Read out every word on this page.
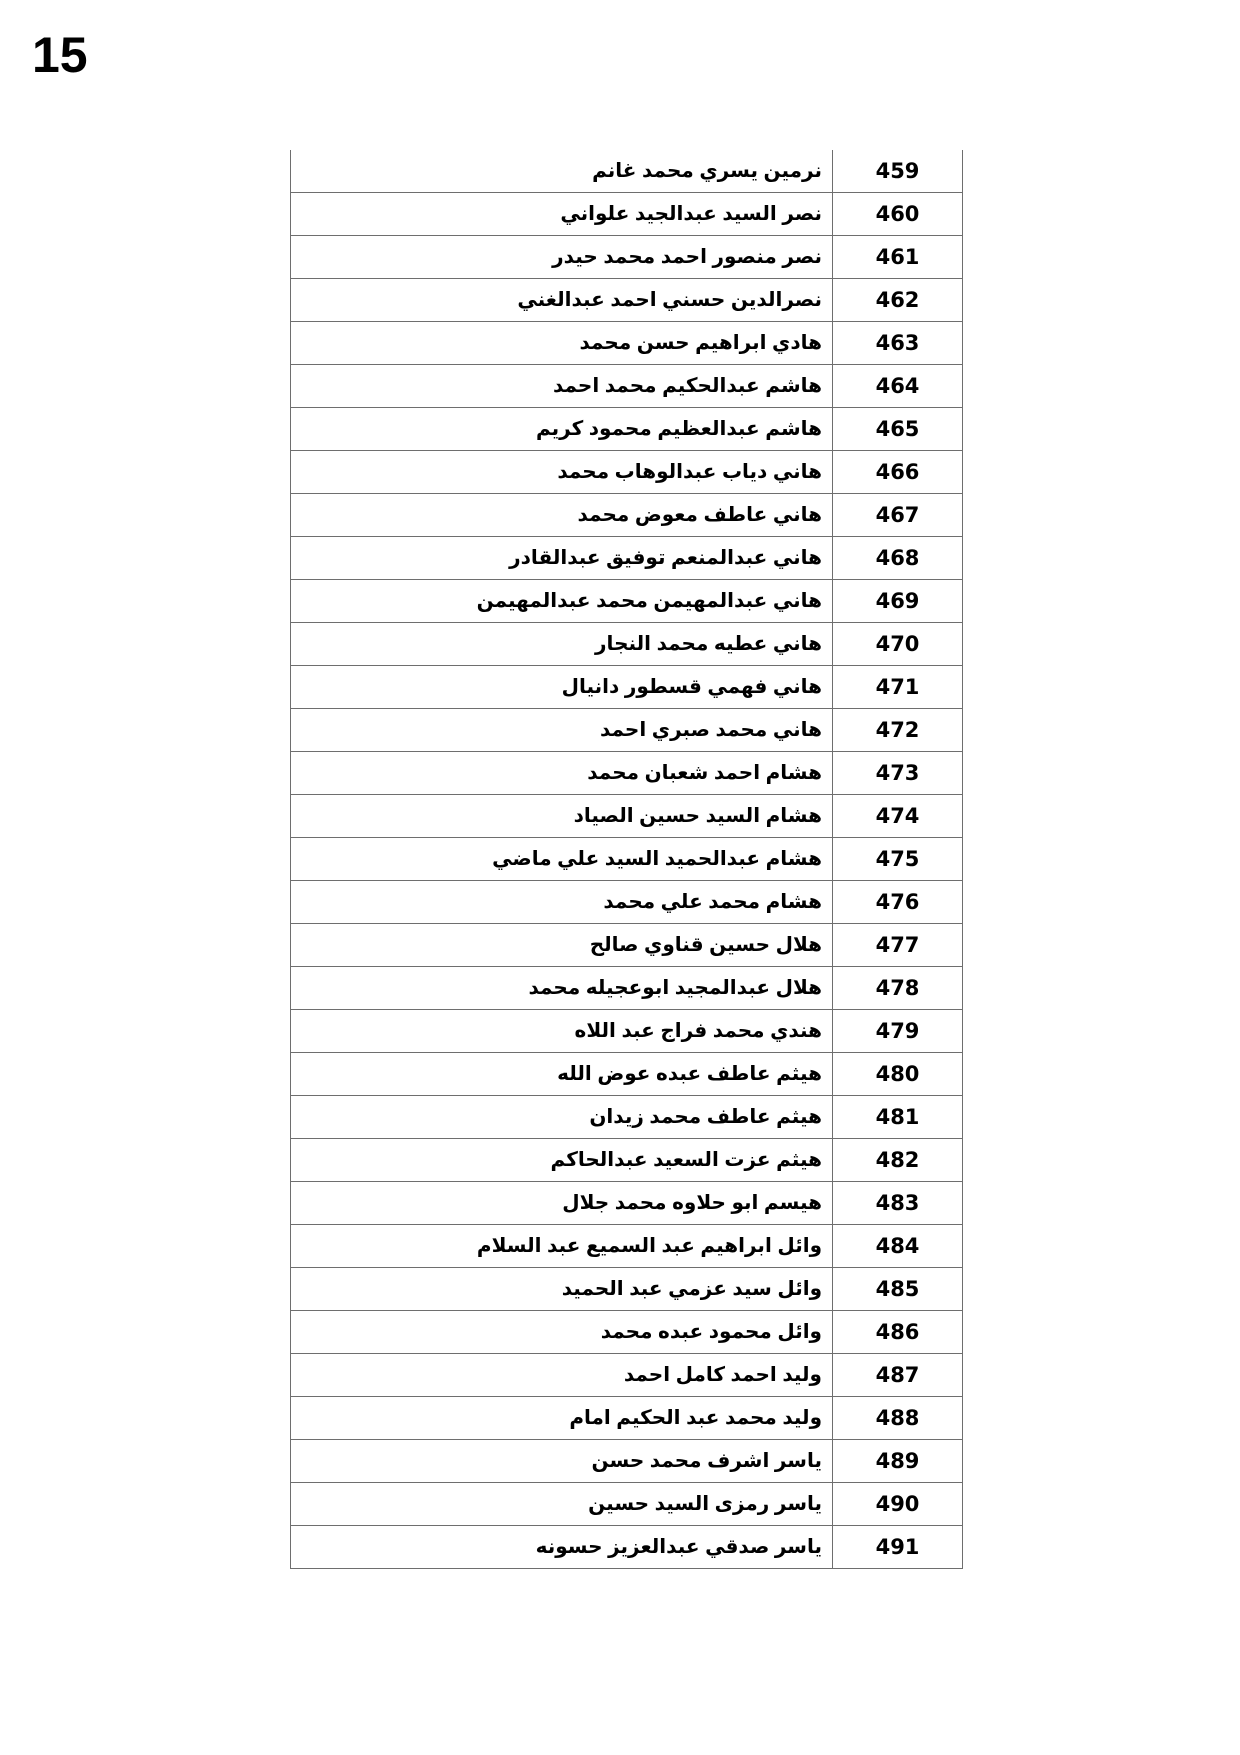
15
نرمين يسري محمد غانم	459

نصر السيد عبدالجيد علواني	460

نصر منصور احمد محمد حيدر	461

نصرالدين حسني احمد عبدالغني	462

هادي ابراهيم حسن محمد	463

هاشم عبدالحكيم محمد احمد	464

هاشم عبدالعظيم محمود كريم	465

هاني دياب عبدالوهاب محمد	466

هاني عاطف معوض محمد	467

هاني عبدالمنعم توفيق عبدالقادر	468

هاني عبدالمهيمن محمد عبدالمهيمن	469

هاني عطيه محمد النجار	470

هاني فهمي قسطور دانيال	471

هاني محمد صبري احمد	472

هشام احمد شعبان محمد	473

هشام السيد حسين الصياد	474

هشام عبدالحميد السيد علي ماضي	475

هشام محمد علي محمد	476

هلال حسين قناوي صالح	477

هلال عبدالمجيد ابوعجيله محمد	478

هندي محمد فراج عبد اللاه	479

هيثم عاطف عبده عوض الله	480

هيثم عاطف محمد زيدان	481

هيثم عزت السعيد عبدالحاكم	482

هيسم ابو حلاوه محمد جلال	483

وائل ابراهيم عبد السميع عبد السلام	484

وائل سيد عزمي عبد الحميد	485

وائل محمود عبده محمد	486

وليد احمد كامل احمد	487

وليد محمد عبد الحكيم امام	488

ياسر اشرف محمد حسن	489

ياسر رمزى السيد حسين	490

ياسر صدقي عبدالعزيز حسونه	491
